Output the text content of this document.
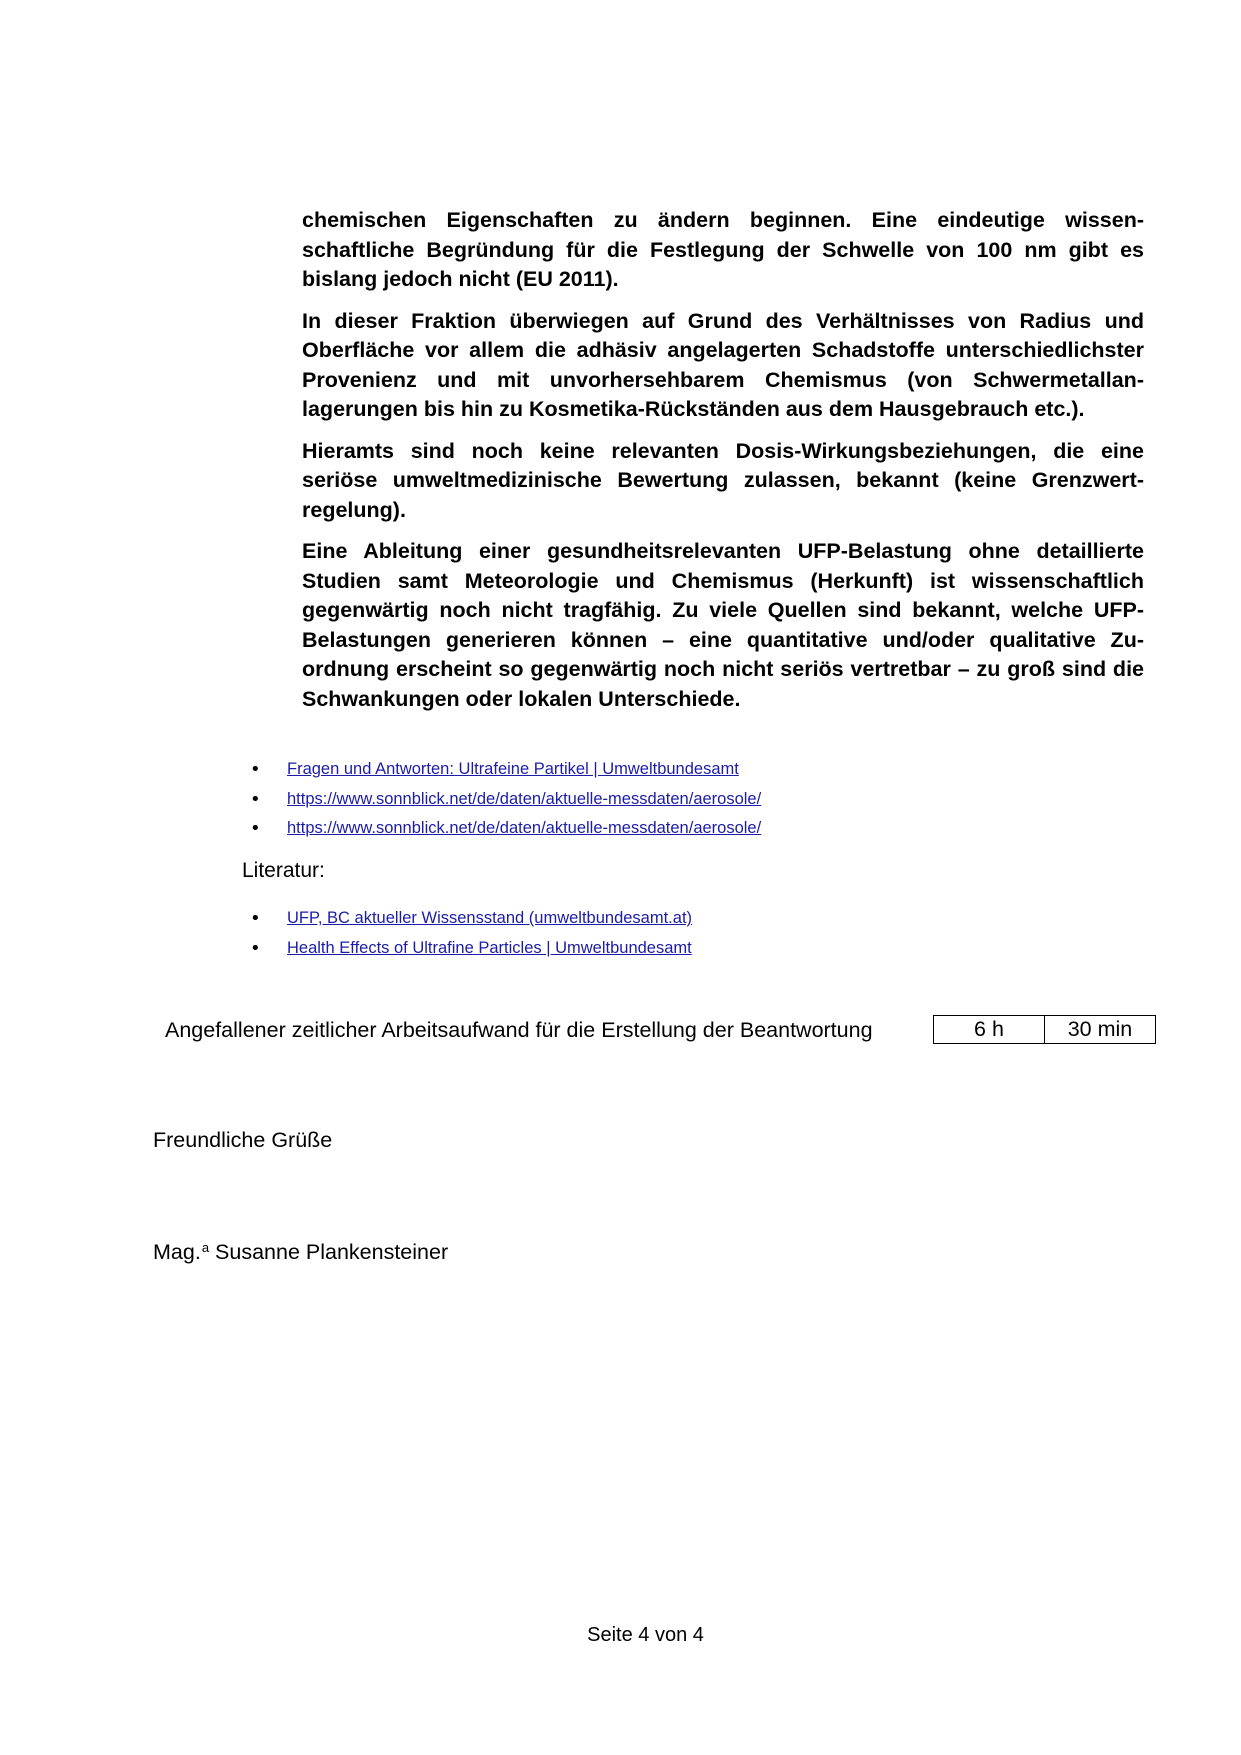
chemischen Eigenschaften zu ändern beginnen. Eine eindeutige wissenschaftliche Begründung für die Festlegung der Schwelle von 100 nm gibt es bislang jedoch nicht (EU 2011).

In dieser Fraktion überwiegen auf Grund des Verhältnisses von Radius und Oberfläche vor allem die adhäsiv angelagerten Schadstoffe unterschiedlichster Provenienz und mit unvorhersehbarem Chemismus (von Schwermetallanlagerungen bis hin zu Kosmetika-Rückständen aus dem Hausgebrauch etc.).

Hieramts sind noch keine relevanten Dosis-Wirkungsbeziehungen, die eine seriöse umweltmedizinische Bewertung zulassen, bekannt (keine Grenzwertregelung).

Eine Ableitung einer gesundheitsrelevanten UFP-Belastung ohne detaillierte Studien samt Meteorologie und Chemismus (Herkunft) ist wissenschaftlich gegenwärtig noch nicht tragfähig. Zu viele Quellen sind bekannt, welche UFP-Belastungen generieren können – eine quantitative und/oder qualitative Zuordnung erscheint so gegenwärtig noch nicht seriös vertretbar – zu groß sind die Schwankungen oder lokalen Unterschiede.

• Fragen und Antworten: Ultrafeine Partikel | Umweltbundesamt
• https://www.sonnblick.net/de/daten/aktuelle-messdaten/aerosole/
• https://www.sonnblick.net/de/daten/aktuelle-messdaten/aerosole/
Literatur:
• UFP, BC aktueller Wissensstand (umweltbundesamt.at)
• Health Effects of Ultrafine Particles | Umweltbundesamt
Angefallener zeitlicher Arbeitsaufwand für die Erstellung der Beantwortung	6 h	30 min
Freundliche Grüße
Mag.$^a$ Susanne Plankensteiner
Seite 4 von 4
